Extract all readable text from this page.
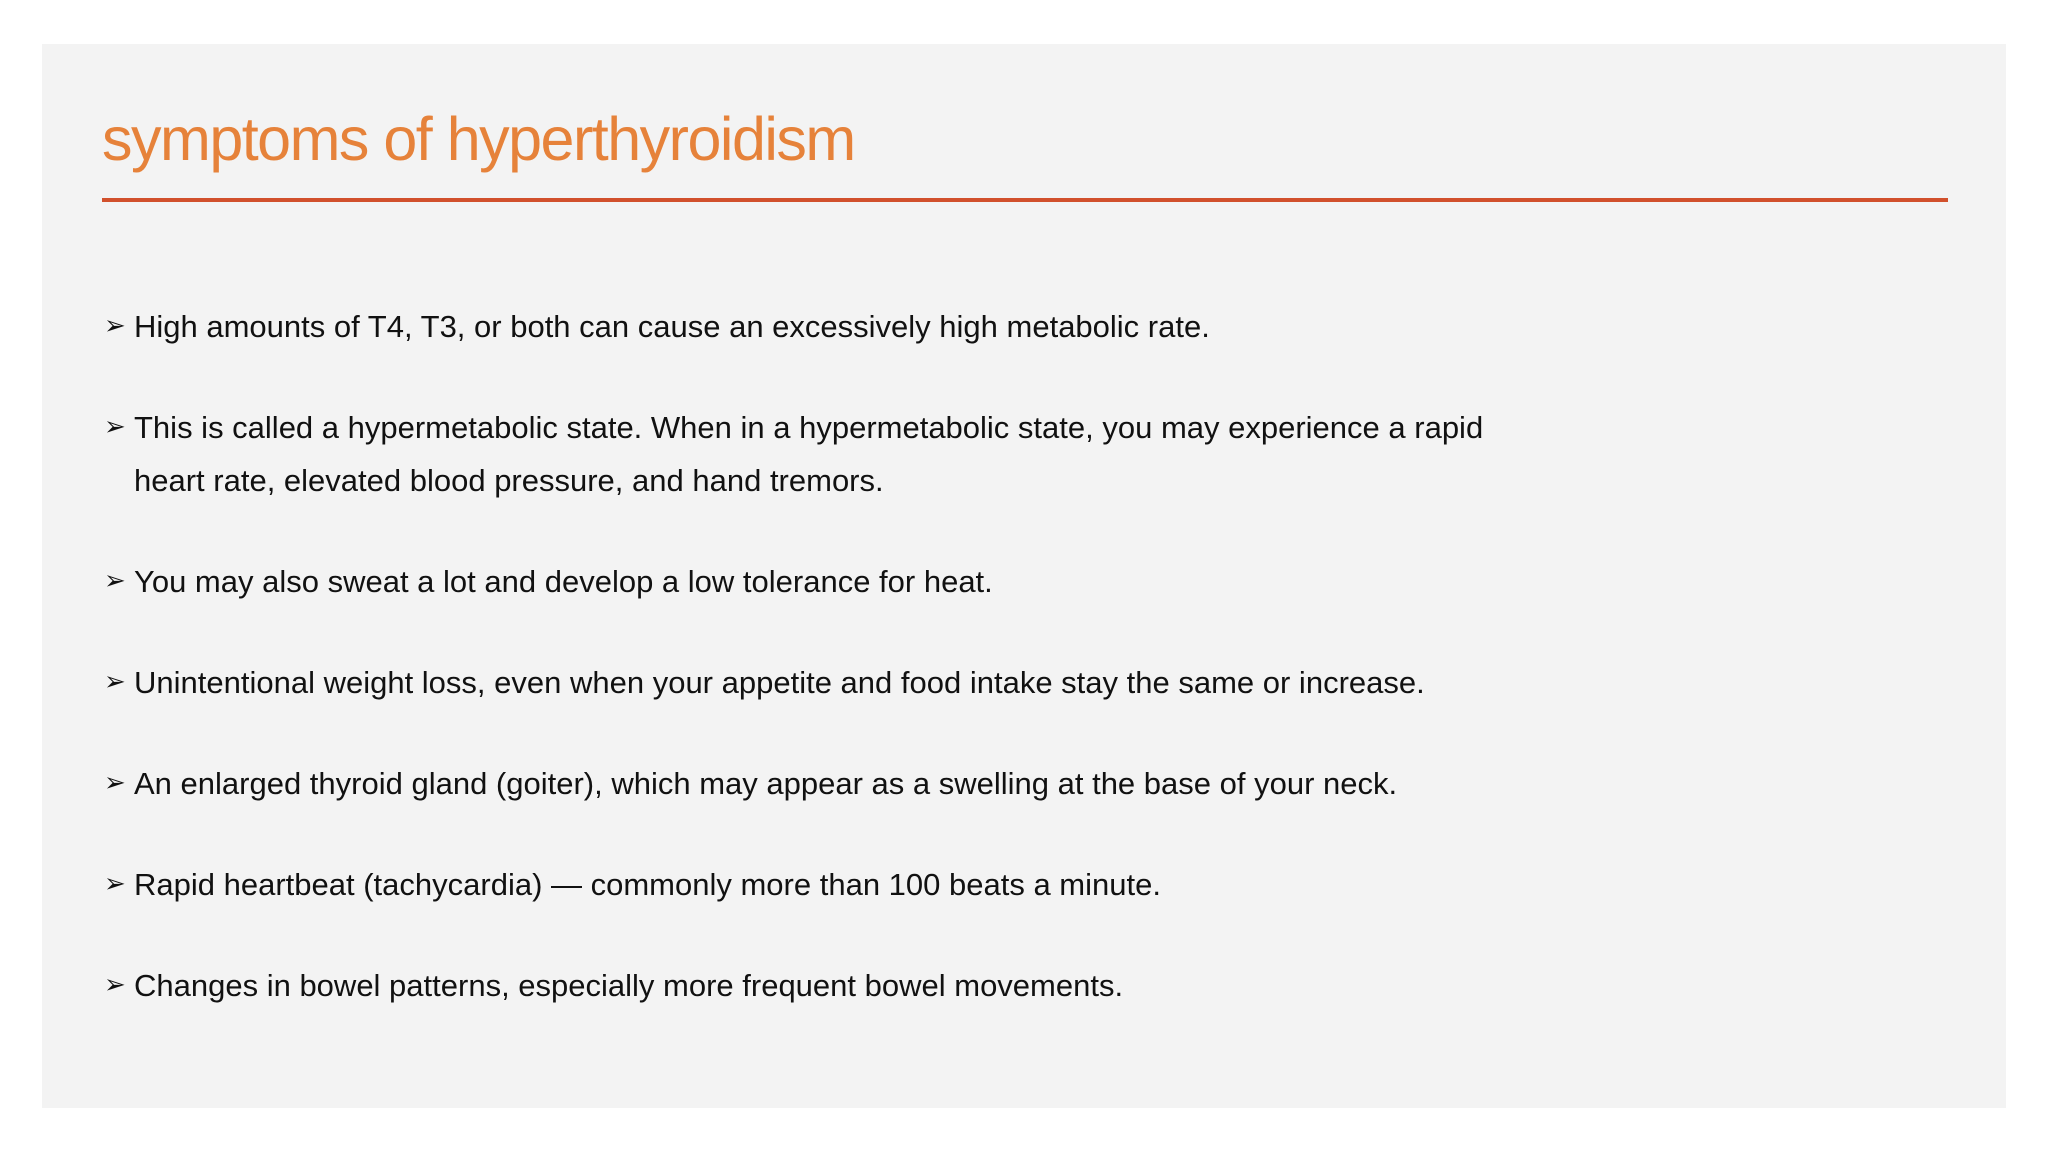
symptoms of hyperthyroidism
➢ High amounts of T4, T3, or both can cause an excessively high metabolic rate.
➢ This is called a hypermetabolic state. When in a hypermetabolic state, you may experience a rapid heart rate, elevated blood pressure, and hand tremors.
➢ You may also sweat a lot and develop a low tolerance for heat.
➢ Unintentional weight loss, even when your appetite and food intake stay the same or increase.
➢ An enlarged thyroid gland (goiter), which may appear as a swelling at the base of your neck.
➢ Rapid heartbeat (tachycardia) — commonly more than 100 beats a minute.
➢ Changes in bowel patterns, especially more frequent bowel movements.
